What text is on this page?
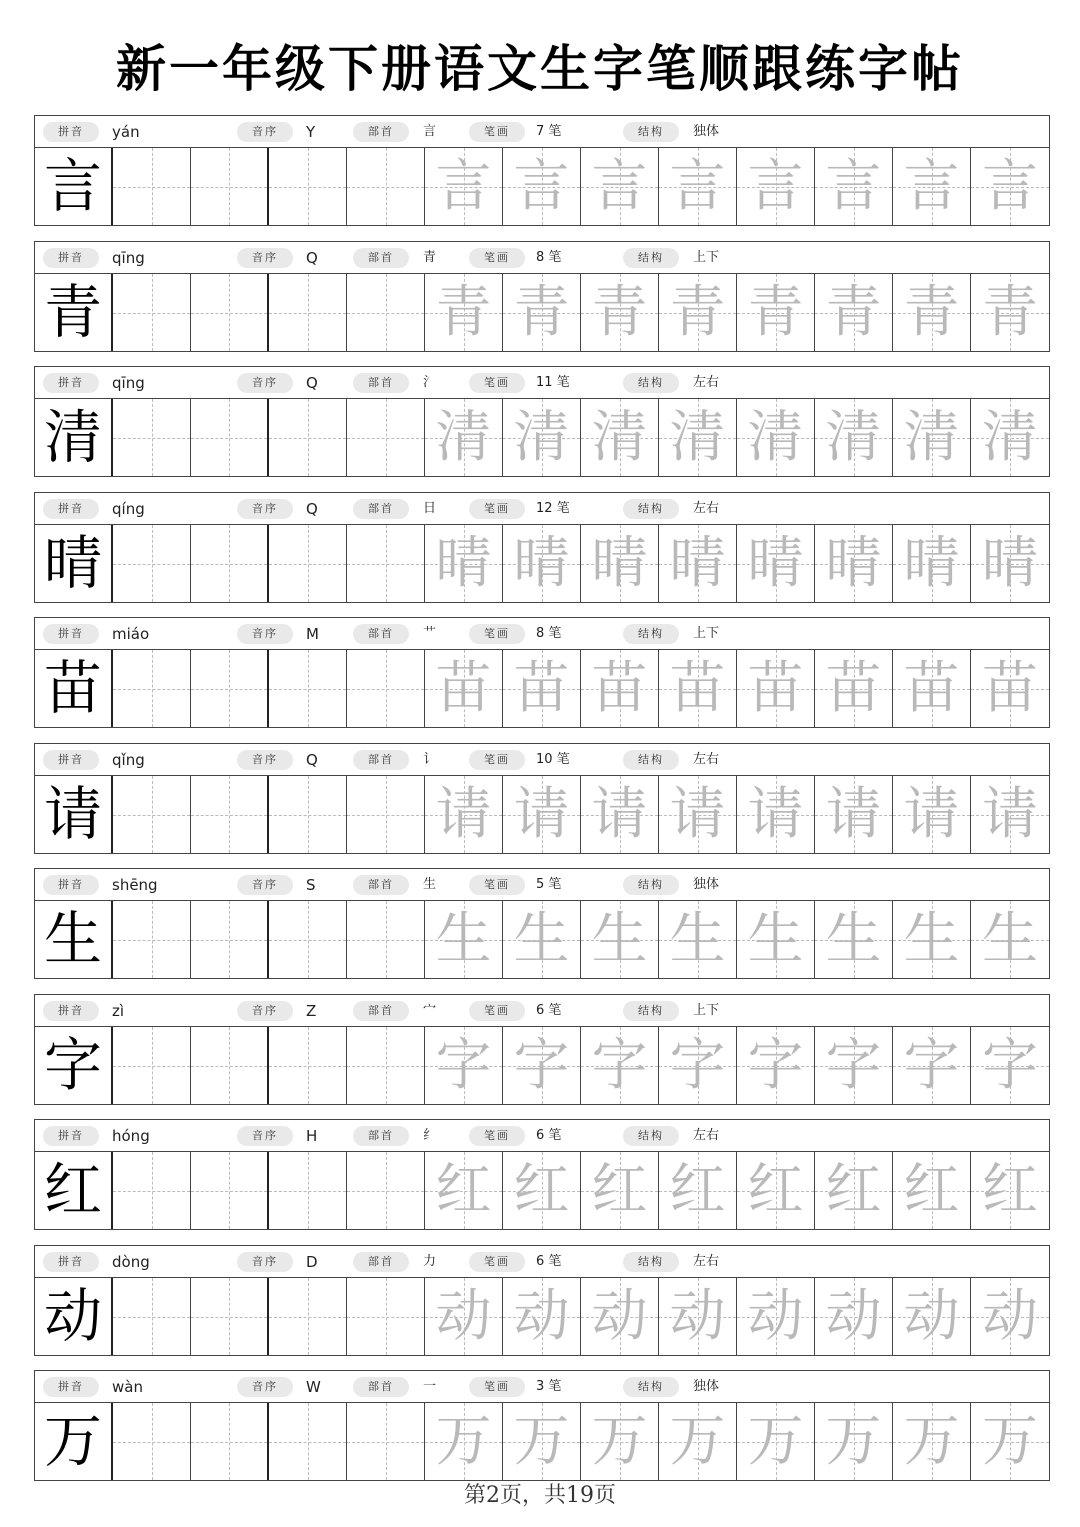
新一年级下册语文生字笔顺跟练字帖
拼音	yán	音序	Y	部首	言	笔画	7 笔	结构	独体
言	言 言 言 言 言 言 言 言
拼音	qīng	音序	Q	部首	青	笔画	8 笔	结构	上下
青	青 青 青 青 青 青 青 青
拼音	qīng	音序	Q	部首	氵	笔画	11 笔	结构	左右
清	清 清 清 清 清 清 清 清
拼音	qíng	音序	Q	部首	日	笔画	12 笔	结构	左右
晴	晴 晴 晴 晴 晴 晴 晴 晴
拼音	miáo	音序	M	部首	艹	笔画	8 笔	结构	上下
苗	苗 苗 苗 苗 苗 苗 苗 苗
拼音	qǐng	音序	Q	部首	讠	笔画	10 笔	结构	左右
请	请 请 请 请 请 请 请 请
拼音	shēng	音序	S	部首	生	笔画	5 笔	结构	独体
生	生 生 生 生 生 生 生 生
拼音	zì	音序	Z	部首	宀	笔画	6 笔	结构	上下
字	字 字 字 字 字 字 字 字
拼音	hóng	音序	H	部首	纟	笔画	6 笔	结构	左右
红	红 红 红 红 红 红 红 红
拼音	dòng	音序	D	部首	力	笔画	6 笔	结构	左右
动	动 动 动 动 动 动 动 动
拼音	wàn	音序	W	部首	一	笔画	3 笔	结构	独体
万	万 万 万 万 万 万 万 万
第2页，共19页
